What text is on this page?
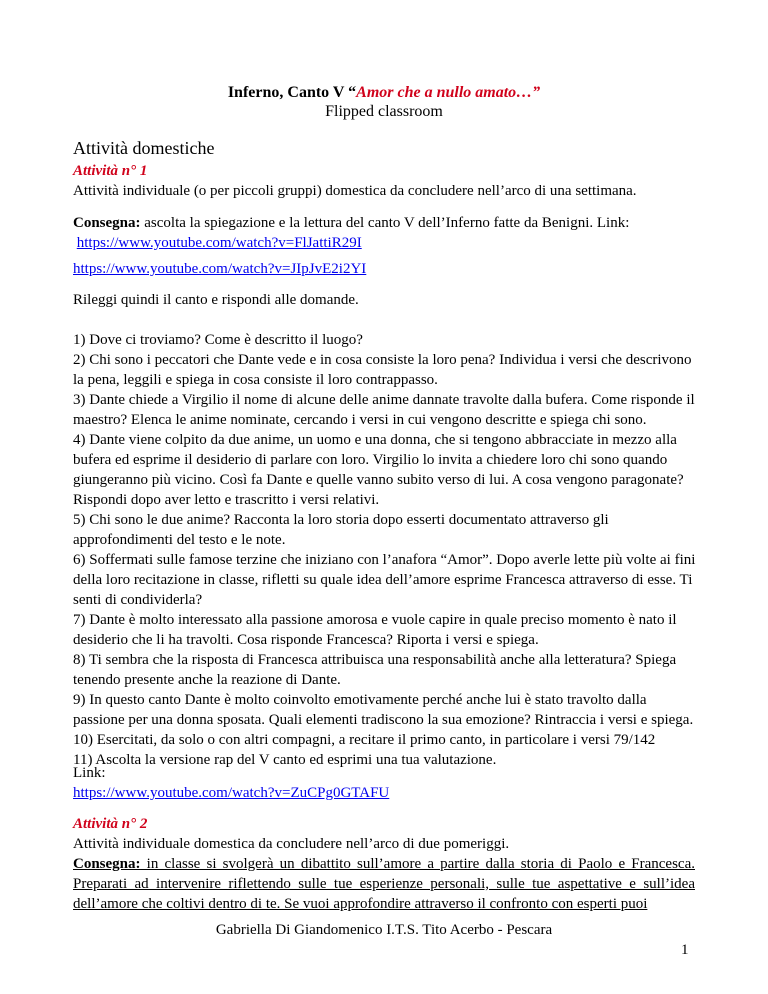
Inferno, Canto V “Amor che a nullo amato…”
Flipped classroom
Attività domestiche

Attività n° 1

Attività individuale (o per piccoli gruppi) domestica da concludere nell’arco di una settimana.

Consegna: ascolta la spiegazione e la lettura del canto V dell’Inferno fatte da Benigni. Link:

https://www.youtube.com/watch?v=FlJattiR29I

https://www.youtube.com/watch?v=JIpJvE2i2YI
Rileggi quindi il canto e rispondi alle domande.

1) Dove ci troviamo? Come è descritto il luogo?

2) Chi sono i peccatori che Dante vede e in cosa consiste la loro pena? Individua i versi che descrivono la pena, leggili e spiega in cosa consiste il loro contrappasso.

3) Dante chiede a Virgilio il nome di alcune delle anime dannate travolte dalla bufera. Come risponde il maestro? Elenca le anime nominate, cercando i versi in cui vengono descritte e spiega chi sono.

4) Dante viene colpito da due anime, un uomo e una donna, che si tengono abbracciate in mezzo alla bufera ed esprime il desiderio di parlare con loro. Virgilio lo invita a chiedere loro chi sono quando giungeranno più vicino. Così fa Dante e quelle vanno subito verso di lui. A cosa vengono paragonate? Rispondi dopo aver letto e trascritto i versi relativi.

5) Chi sono le due anime? Racconta la loro storia dopo esserti documentato attraverso gli approfondimenti del testo e le note.

6) Soffermati sulle famose terzine che iniziano con l’anafora “Amor”. Dopo averle lette più volte ai fini della loro recitazione in classe, rifletti su quale idea dell’amore esprime Francesca attraverso di esse. Ti senti di condividerla?

7) Dante è molto interessato alla passione amorosa e vuole capire in quale preciso momento è nato il desiderio che li ha travolti. Cosa risponde Francesca? Riporta i versi e spiega.

8) Ti sembra che la risposta di Francesca attribuisca una responsabilità anche alla letteratura? Spiega tenendo presente anche la reazione di Dante.

9) In questo canto Dante è molto coinvolto emotivamente perché anche lui è stato travolto dalla passione per una donna sposata. Quali elementi tradiscono la sua emozione? Rintraccia i versi e spiega.

10) Esercitati, da solo o con altri compagni, a recitare il primo canto, in particolare i versi 79/142

11) Ascolta la versione rap del V canto ed esprimi una tua valutazione.

Link:

https://www.youtube.com/watch?v=ZuCPg0GTAFU

Attività n° 2

Attività individuale domestica da concludere nell’arco di due pomeriggi.

Consegna: in classe si svolgerà un dibattito sull’amore a partire dalla storia di Paolo e Francesca. Preparati ad intervenire riflettendo sulle tue esperienze personali, sulle tue aspettative e sull’idea dell’amore che coltivi dentro di te. Se vuoi approfondire attraverso il confronto con esperti puoi
Gabriella Di Giandomenico I.T.S. Tito Acerbo - Pescara
1
